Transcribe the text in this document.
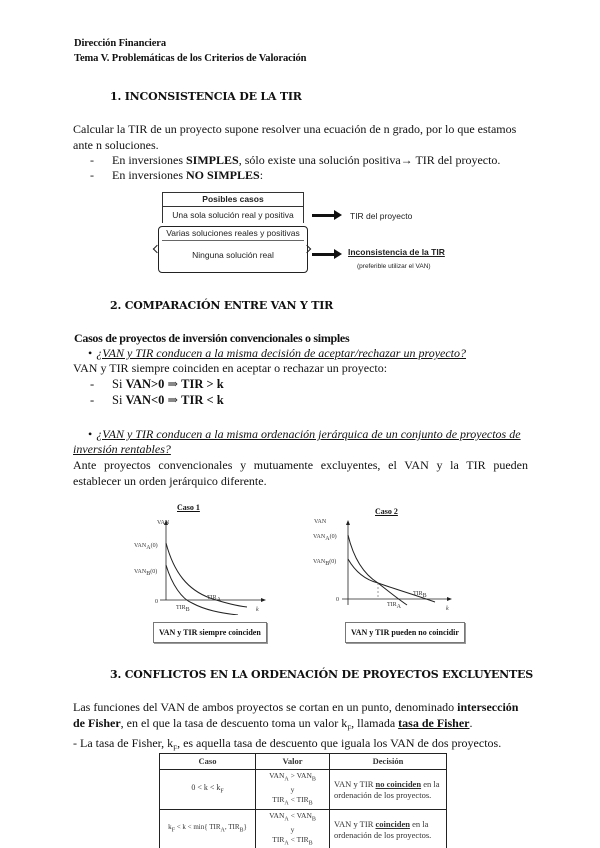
Dirección Financiera
Tema V. Problemáticas de los Criterios de Valoración
1. INCONSISTENCIA DE LA TIR
Calcular la TIR de un proyecto supone resolver una ecuación de n grado, por lo que estamos
ante n soluciones.
- En inversiones SIMPLES, sólo existe una solución positiva→ TIR del proyecto.
- En inversiones NO SIMPLES:
Posibles casos
Una sola solución real y positiva
Varias soluciones reales y positivas
Ninguna solución real
TIR del proyecto
Inconsistencia de la TIR
(preferible utilizar el VAN)
2. COMPARACIÓN ENTRE VAN Y TIR
Casos de proyectos de inversión convencionales o simples
• ¿VAN y TIR conducen a la misma decisión de aceptar/rechazar un proyecto?
VAN y TIR siempre coinciden en aceptar o rechazar un proyecto:
- Si VAN>0 ⇒ TIR > k
- Si VAN<0 ⇒ TIR < k
• ¿VAN y TIR conducen a la misma ordenación jerárquica de un conjunto de proyectos de
inversión rentables?
Ante proyectos convencionales y mutuamente excluyentes, el VAN y la TIR pueden
establecer un orden jerárquico diferente.
Caso 1
VAN
$VAN_A(0)$
$VAN_B(0)$
0
$TIR_A$
$TIR_B$	k
VAN y TIR siempre coinciden
Caso 2
VAN
$VAN_A(0)$
$VAN_B(0)$
0
$TIR_B$
$TIR_A$	k
VAN y TIR pueden no coincidir
3. CONFLICTOS EN LA ORDENACIÓN DE PROYECTOS EXCLUYENTES
Las funciones del VAN de ambos proyectos se cortan en un punto, denominado intersección
de Fisher, en el que la tasa de descuento toma un valor $k_F$, llamada tasa de Fisher.
- La tasa de Fisher, $k_F$, es aquella tasa de descuento que iguala los VAN de dos proyectos.
Caso	Valor	Decisión
$0 < k < k_F$	$VAN_A > VAN_B$
y
$TIR_A < TIR_B$	VAN y TIR no coinciden en la ordenación de los proyectos.
$k_F < k < \min${ $TIR_A$, $TIR_B$}	$VAN_A < VAN_B$
y
$TIR_A < TIR_B$	VAN y TIR coinciden en la ordenación de los proyectos.
